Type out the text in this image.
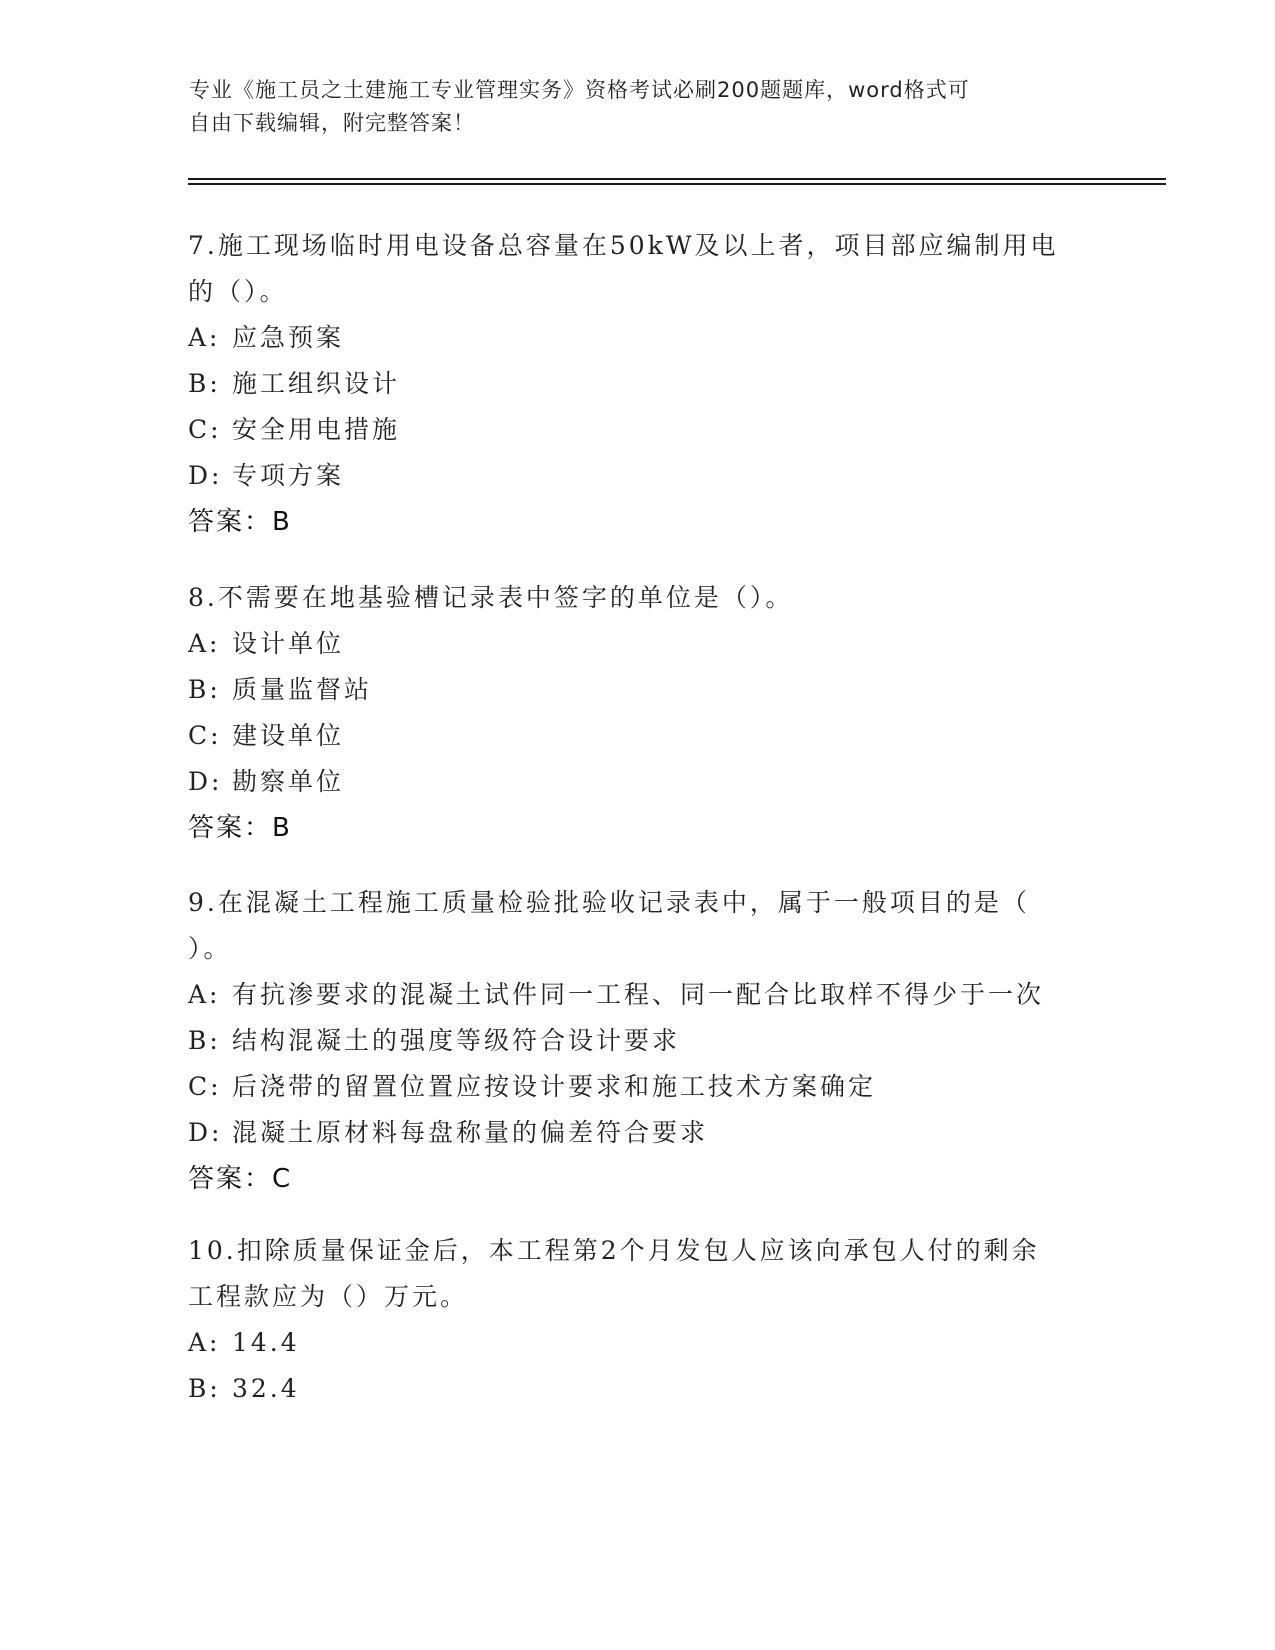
专业《施工员之土建施工专业管理实务》资格考试必刷200题题库，word格式可
自由下载编辑，附完整答案！
7.施工现场临时用电设备总容量在50kW及以上者，项目部应编制用电
的（）。
A: 应急预案
B: 施工组织设计
C: 安全用电措施
D: 专项方案
答案：B
8.不需要在地基验槽记录表中签字的单位是（）。
A: 设计单位
B: 质量监督站
C: 建设单位
D: 勘察单位
答案：B
9.在混凝土工程施工质量检验批验收记录表中，属于一般项目的是（
）。
A: 有抗渗要求的混凝土试件同一工程、同一配合比取样不得少于一次
B: 结构混凝土的强度等级符合设计要求
C: 后浇带的留置位置应按设计要求和施工技术方案确定
D: 混凝土原材料每盘称量的偏差符合要求
答案：C
10.扣除质量保证金后，本工程第2个月发包人应该向承包人付的剩余
工程款应为（）万元。
A: 14.4
B: 32.4
